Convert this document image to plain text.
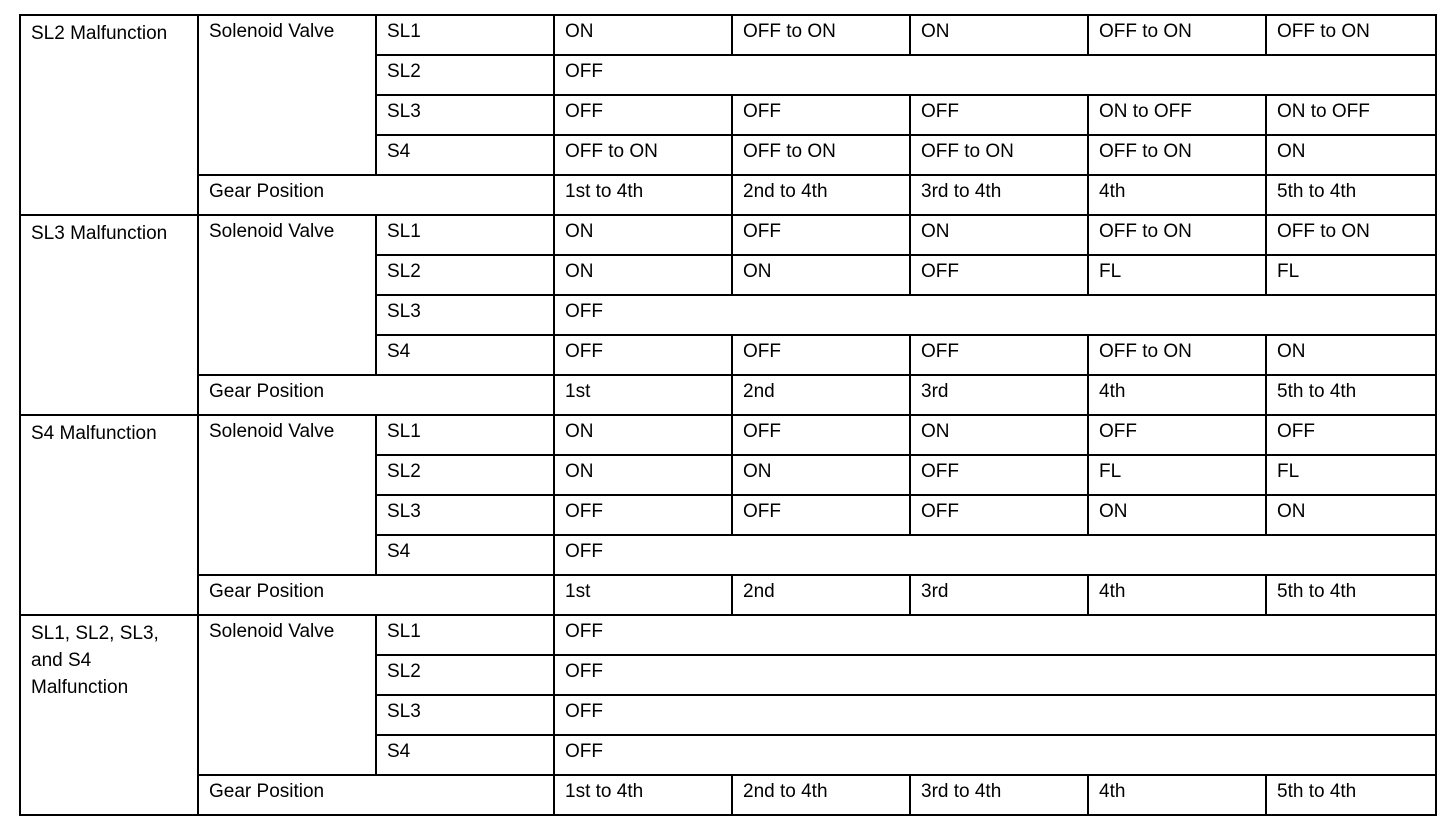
SL2 Malfunction	Solenoid Valve	SL1	ON	OFF to ON	ON	OFF to ON	OFF to ON
		SL2	OFF				
		SL3	OFF	OFF	OFF	ON to OFF	ON to OFF
		S4	OFF to ON	OFF to ON	OFF to ON	OFF to ON	ON
	Gear Position		1st to 4th	2nd to 4th	3rd to 4th	4th	5th to 4th
SL3 Malfunction	Solenoid Valve	SL1	ON	OFF	ON	OFF to ON	OFF to ON
		SL2	ON	ON	OFF	FL	FL
		SL3	OFF				
		S4	OFF	OFF	OFF	OFF to ON	ON
	Gear Position		1st	2nd	3rd	4th	5th to 4th
S4 Malfunction	Solenoid Valve	SL1	ON	OFF	ON	OFF	OFF
		SL2	ON	ON	OFF	FL	FL
		SL3	OFF	OFF	OFF	ON	ON
		S4	OFF				
	Gear Position		1st	2nd	3rd	4th	5th to 4th
SL1, SL2, SL3, and S4 Malfunction	Solenoid Valve	SL1	OFF				
		SL2	OFF				
		SL3	OFF				
		S4	OFF				
	Gear Position		1st to 4th	2nd to 4th	3rd to 4th	4th	5th to 4th
